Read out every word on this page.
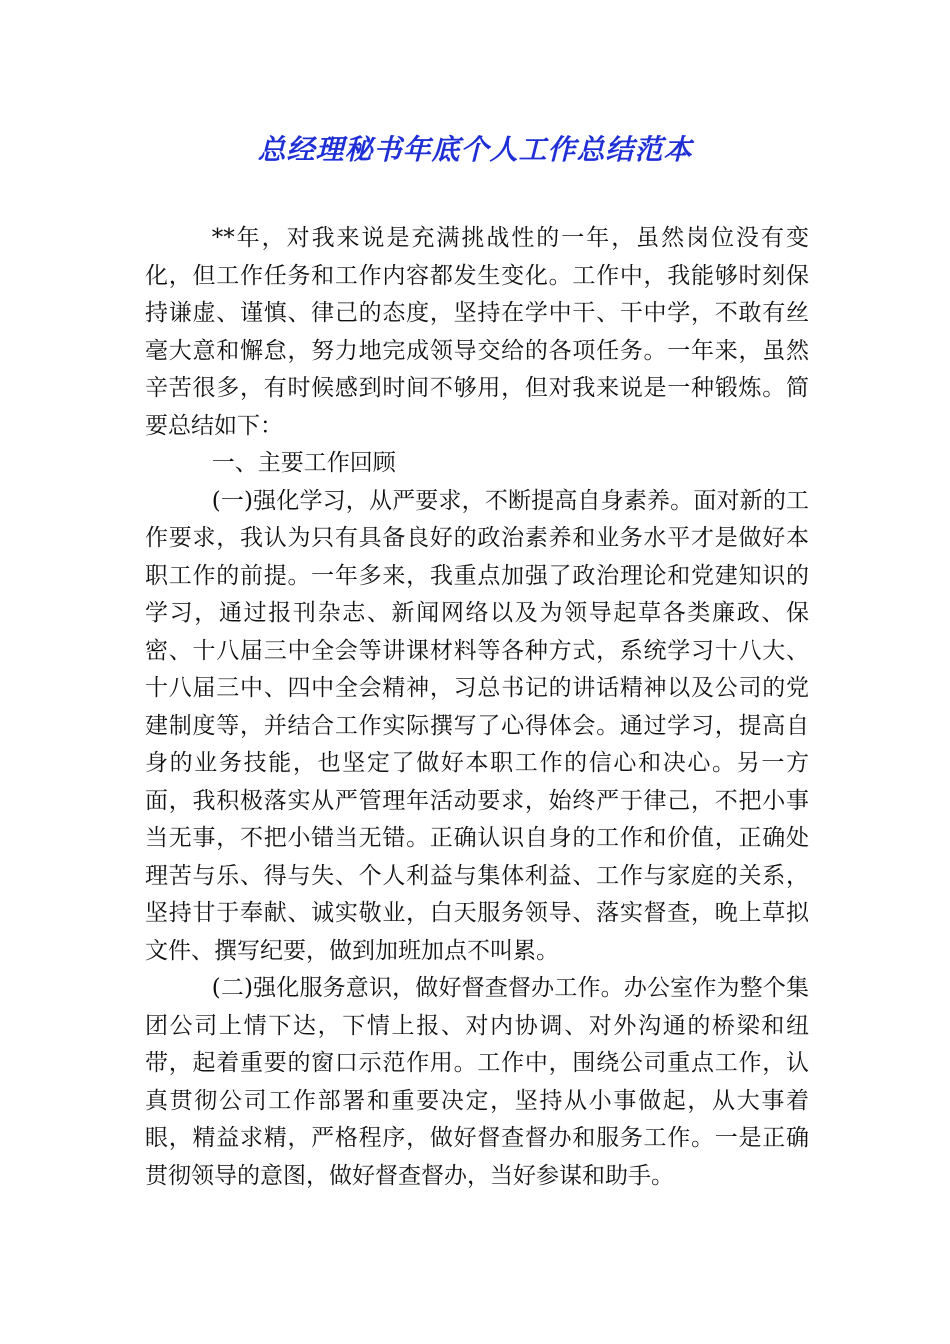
总经理秘书年底个人工作总结范本

**年，对我来说是充满挑战性的一年，虽然岗位没有变化，但工作任务和工作内容都发生变化。工作中，我能够时刻保持谦虚、谨慎、律己的态度，坚持在学中干、干中学，不敢有丝毫大意和懈怠，努力地完成领导交给的各项任务。一年来，虽然辛苦很多，有时候感到时间不够用，但对我来说是一种锻炼。简要总结如下：

一、主要工作回顾

(一)强化学习，从严要求，不断提高自身素养。面对新的工作要求，我认为只有具备良好的政治素养和业务水平才是做好本职工作的前提。一年多来，我重点加强了政治理论和党建知识的学习，通过报刊杂志、新闻网络以及为领导起草各类廉政、保密、十八届三中全会等讲课材料等各种方式，系统学习十八大、十八届三中、四中全会精神，习总书记的讲话精神以及公司的党建制度等，并结合工作实际撰写了心得体会。通过学习，提高自身的业务技能，也坚定了做好本职工作的信心和决心。另一方面，我积极落实从严管理年活动要求，始终严于律己，不把小事当无事，不把小错当无错。正确认识自身的工作和价值，正确处理苦与乐、得与失、个人利益与集体利益、工作与家庭的关系，坚持甘于奉献、诚实敬业，白天服务领导、落实督查，晚上草拟文件、撰写纪要，做到加班加点不叫累。

(二)强化服务意识，做好督查督办工作。办公室作为整个集团公司上情下达，下情上报、对内协调、对外沟通的桥梁和纽带，起着重要的窗口示范作用。工作中，围绕公司重点工作，认真贯彻公司工作部署和重要决定，坚持从小事做起，从大事着眼，精益求精，严格程序，做好督查督办和服务工作。一是正确贯彻领导的意图，做好督查督办，当好参谋和助手。
